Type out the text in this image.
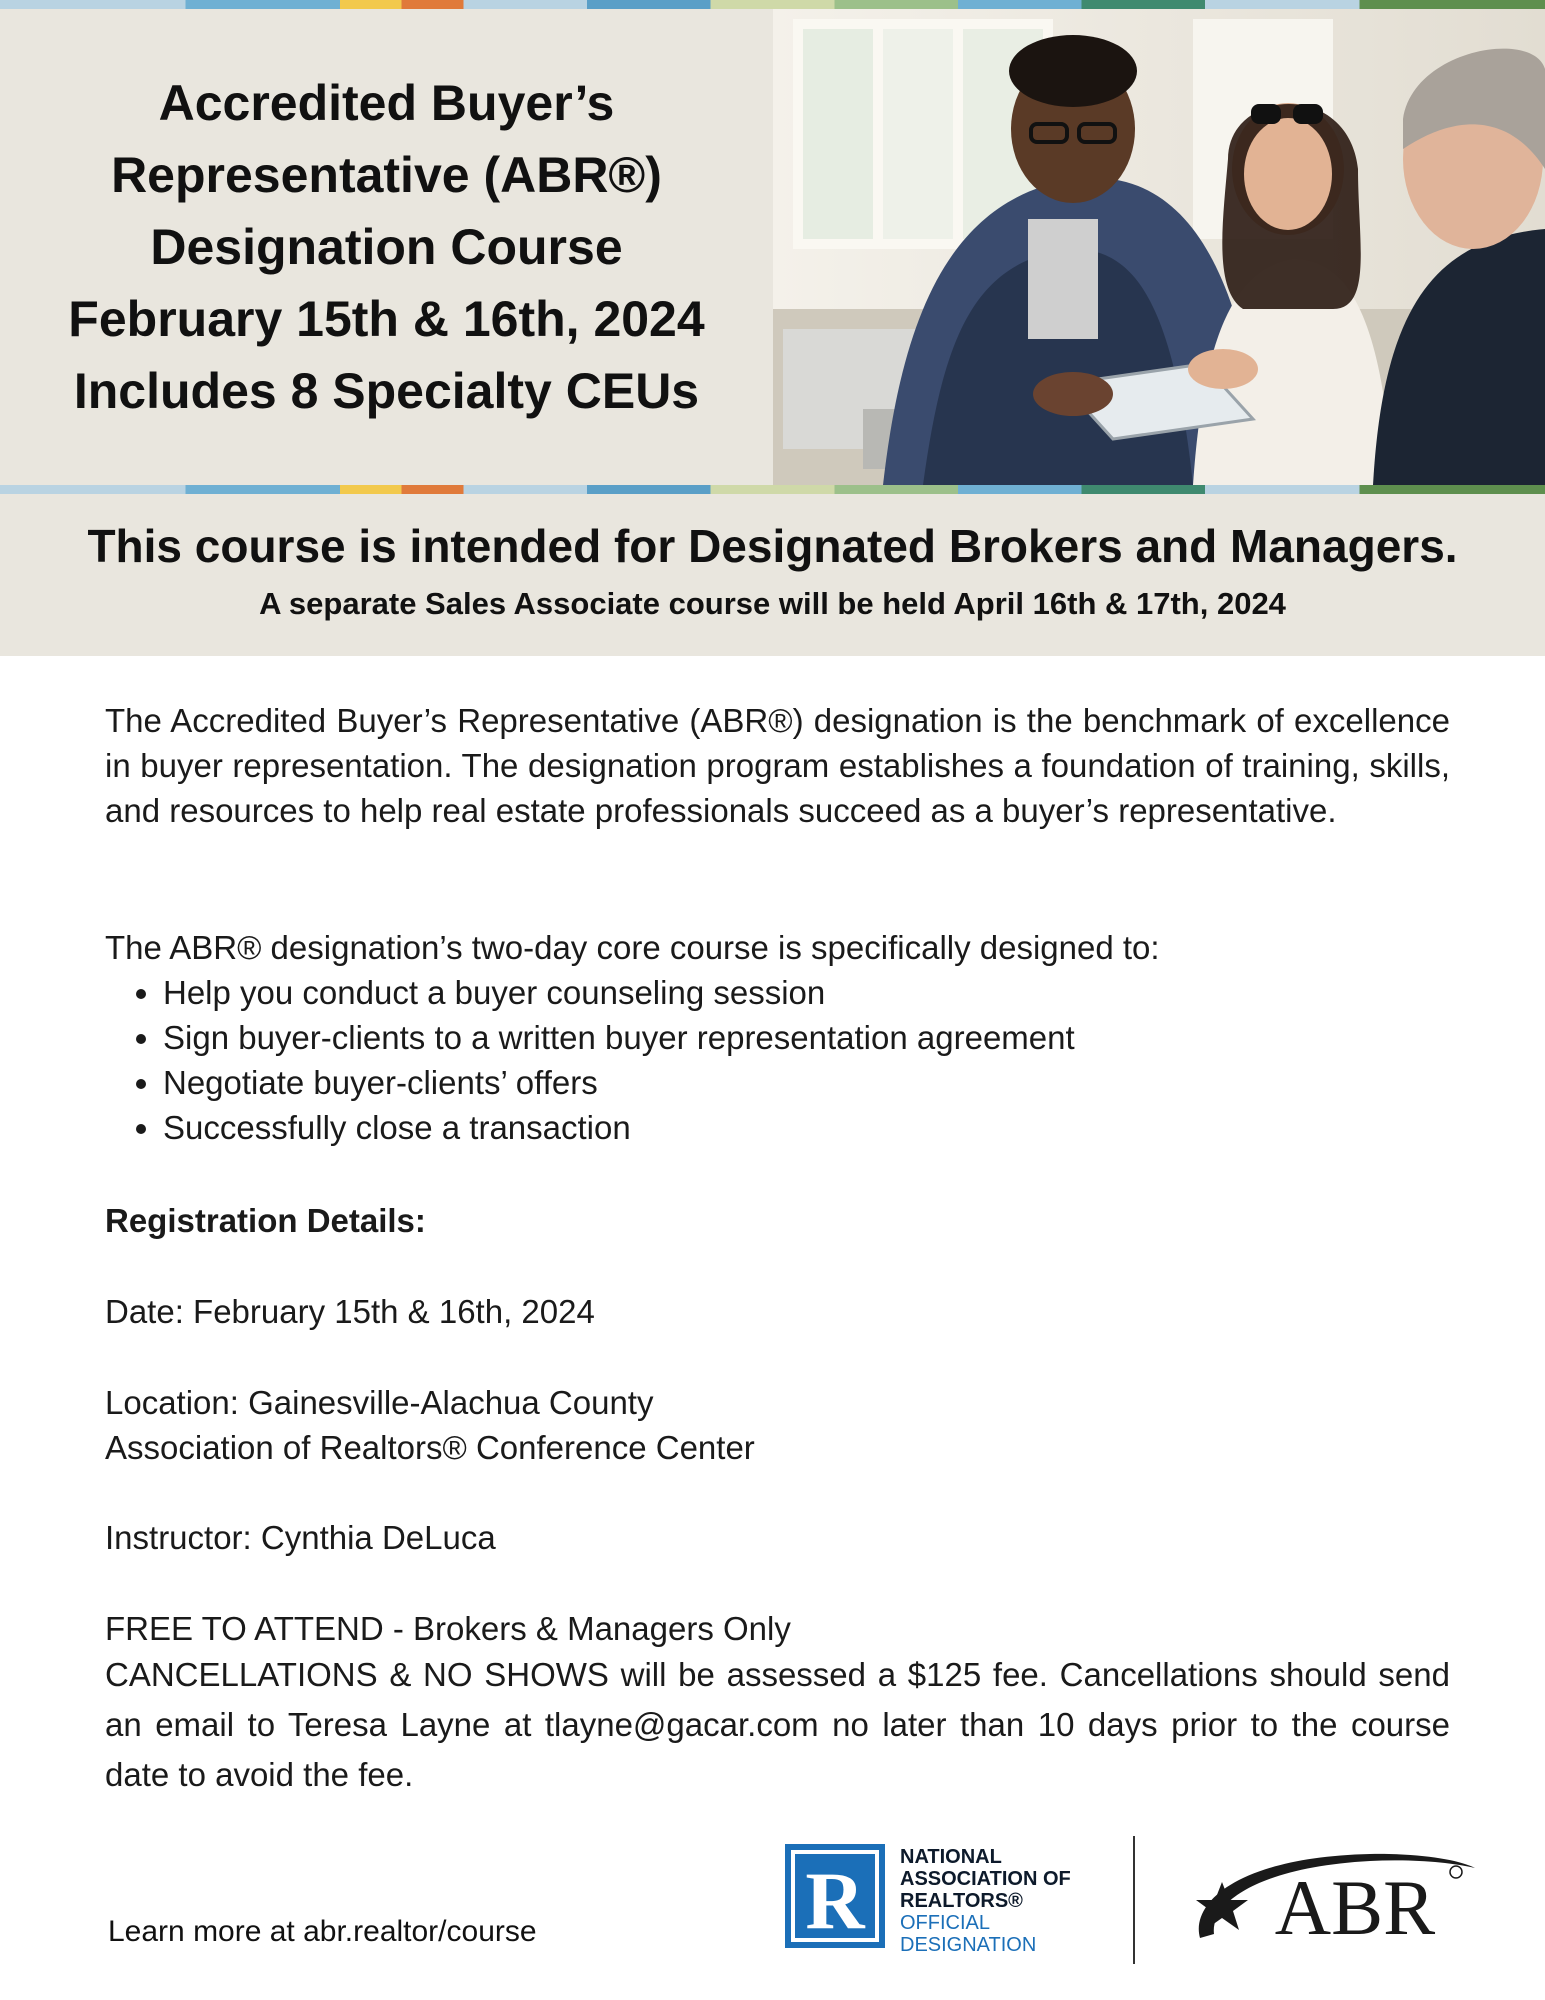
Accredited Buyer’s
Representative (ABR®)
Designation Course
February 15th & 16th, 2024
Includes 8 Specialty CEUs
This course is intended for Designated Brokers and Managers.
A separate Sales Associate course will be held April 16th & 17th, 2024
The Accredited Buyer’s Representative (ABR®) designation is the benchmark of excellence in buyer representation. The designation program establishes a foundation of training, skills, and resources to help real estate professionals succeed as a buyer’s representative.
The ABR® designation’s two-day core course is specifically designed to:
• Help you conduct a buyer counseling session
• Sign buyer-clients to a written buyer representation agreement
• Negotiate buyer-clients’ offers
• Successfully close a transaction
Registration Details:
Date: February 15th & 16th, 2024
Location: Gainesville-Alachua County
Association of Realtors® Conference Center
Instructor: Cynthia DeLuca
FREE TO ATTEND - Brokers & Managers Only
CANCELLATIONS & NO SHOWS will be assessed a $125 fee. Cancellations should send an email to Teresa Layne at tlayne@gacar.com no later than 10 days prior to the course date to avoid the fee.
Learn more at abr.realtor/course	R NATIONAL
ASSOCIATION OF
REALTORS®
OFFICIAL
DESIGNATION	ABR
